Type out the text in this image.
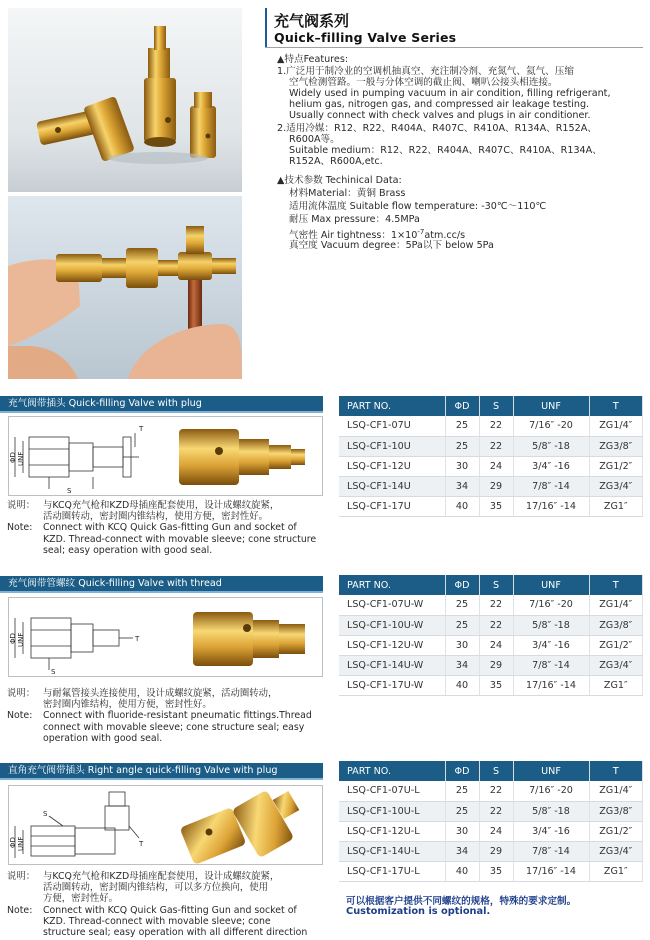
充气阀系列
Quick–filling Valve Series
▲特点Features:
1.广泛用于制冷业的空调机抽真空、充注制冷剂、充氮气、氦气、压缩
空气检测管路。一般与分体空调的截止阀、喇叭公接头相连接。
Widely used in pumping vacuum in air condition, filling refrigerant,
helium gas, nitrogen gas, and compressed air leakage testing.
Usually connect with check valves and plugs in air conditioner.
2.适用冷媒：R12、R22、R404A、R407C、R410A、R134A、R152A、
R600A等。
Suitable medium：R12、R22、R404A、R407C、R410A、R134A、
R152A、R600A,etc.
▲技术参数 Techinical Data:
材料Material：黄铜 Brass
适用流体温度 Suitable flow temperature: -30℃～110℃
耐压 Max pressure：4.5MPa
气密性 Air tightness：$1\times 10^{-7}atm.cc/s$
真空度 Vacuum degree：5Pa以下 below 5Pa
充气阀带插头 Quick-filling Valve with plug
ΦD UNF
S
T
说明： 与KCQ充气枪和KZD母插座配套使用，设计成螺纹旋紧，
活动圈转动，密封圈内锥结构，使用方便，密封性好。
Note: Connect with KCQ Quick Gas-fitting Gun and socket of
KZD. Thread-connect with movable sleeve; cone structure
seal; easy operation with good seal.
PART NO.	ΦD	S	UNF	T
LSQ-CF1-07U	25	22	7/16″ -20	ZG1/4″
LSQ-CF1-10U	25	22	5/8″ -18	ZG3/8″
LSQ-CF1-12U	30	24	3/4″ -16	ZG1/2″
LSQ-CF1-14U	34	29	7/8″ -14	ZG3/4″
LSQ-CF1-17U	40	35	17/16″ -14	ZG1″
充气阀带管螺纹 Quick-filling Valve with thread
ΦD UNF
S
T
说明： 与耐氟管接头连接使用，设计成螺纹旋紧，活动圈转动，
密封圈内锥结构，使用方便，密封性好。
Note: Connect with fluoride-resistant pneumatic fittings.Thread
connect with movable sleeve; cone structure seal; easy
operation with good seal.
PART NO.	ΦD	S	UNF	T
LSQ-CF1-07U-W	25	22	7/16″ -20	ZG1/4″
LSQ-CF1-10U-W	25	22	5/8″ -18	ZG3/8″
LSQ-CF1-12U-W	30	24	3/4″ -16	ZG1/2″
LSQ-CF1-14U-W	34	29	7/8″ -14	ZG3/4″
LSQ-CF1-17U-W	40	35	17/16″ -14	ZG1″
直角充气阀带插头 Right angle quick-filling Valve with plug
ΦD UNF
S
T
说明： 与KCQ充气枪和KZD母插座配套使用，设计成螺纹旋紧，
活动圈转动，密封圈内锥结构，可以多方位换向，使用
方便，密封性好。
Note: Connect with KCQ Quick Gas-fitting Gun and socket of
KZD. Thread-connect with movable sleeve; cone
structure seal; easy operation with all different direction
PART NO.	ΦD	S	UNF	T
LSQ-CF1-07U-L	25	22	7/16″ -20	ZG1/4″
LSQ-CF1-10U-L	25	22	5/8″ -18	ZG3/8″
LSQ-CF1-12U-L	30	24	3/4″ -16	ZG1/2″
LSQ-CF1-14U-L	34	29	7/8″ -14	ZG3/4″
LSQ-CF1-17U-L	40	35	17/16″ -14	ZG1″
可以根据客户提供不同螺纹的规格，特殊的要求定制。
Customization is optional.
